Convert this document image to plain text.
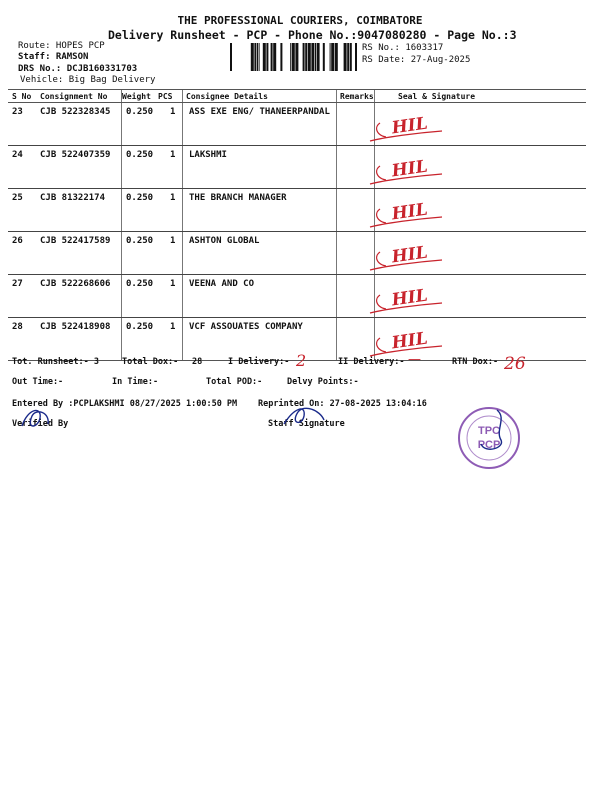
THE PROFESSIONAL COURIERS, COIMBATORE
Delivery Runsheet - PCP - Phone No.:9047080280 - Page No.:3
Route: HOPES PCP
Staff: RAMSON
DRS No.: DCJB160331703
Vehicle: Big Bag Delivery
RS No.: 1603317
RS Date: 27-Aug-2025
S No Consignment No Weight PCS Consignee Details	Remarks	Seal & Signature
23 CJB 522328345 0.250 1 ASS EXE ENG/ THANEERPANDAL
HIL
24 CJB 522407359 0.250 1 LAKSHMI
HIL
25 CJB 81322174 0.250 1 THE BRANCH MANAGER
HIL
26 CJB 522417589 0.250 1 ASHTON GLOBAL
HIL
27 CJB 522268606 0.250 1 VEENA AND CO
HIL
28 CJB 522418908 0.250 1 VCF ASSOUATES COMPANY
HIL
Tot. Runsheet:- 3	Total Dox:- 28	I Delivery:- 2	II Delivery:- —	RTN Dox:- 26
Out Time:-	In Time:-	Total POD:-	Delvy Points:-
Entered By :PCPLAKSHMI 08/27/2025 1:00:50 PM Reprinted On: 27-08-2025 13:04:16
Verified By	Staff Signature
TPC
PCP
